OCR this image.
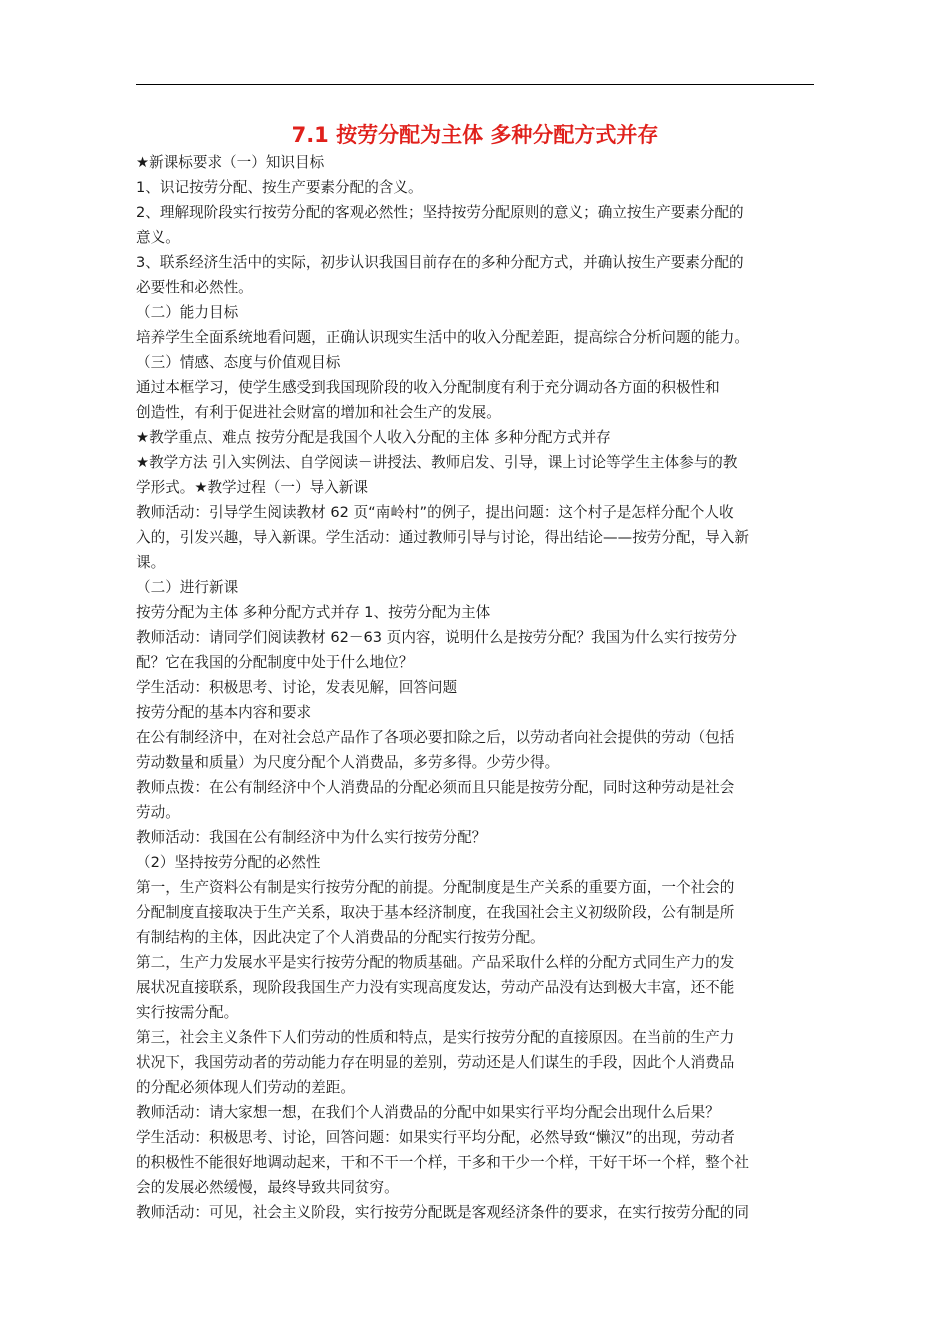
7.1 按劳分配为主体 多种分配方式并存
★新课标要求（一）知识目标
1、识记按劳分配、按生产要素分配的含义。
2、理解现阶段实行按劳分配的客观必然性；坚持按劳分配原则的意义；确立按生产要素分配的
意义。
3、联系经济生活中的实际，初步认识我国目前存在的多种分配方式，并确认按生产要素分配的
必要性和必然性。
（二）能力目标
培养学生全面系统地看问题，正确认识现实生活中的收入分配差距，提高综合分析问题的能力。
（三）情感、态度与价值观目标
通过本框学习，使学生感受到我国现阶段的收入分配制度有利于充分调动各方面的积极性和
创造性，有利于促进社会财富的增加和社会生产的发展。
★教学重点、难点 按劳分配是我国个人收入分配的主体 多种分配方式并存
★教学方法 引入实例法、自学阅读－讲授法、教师启发、引导，课上讨论等学生主体参与的教
学形式。★教学过程（一）导入新课
教师活动：引导学生阅读教材 62 页“南岭村”的例子，提出问题：这个村子是怎样分配个人收
入的，引发兴趣，导入新课。学生活动：通过教师引导与讨论，得出结论——按劳分配，导入新
课。
（二）进行新课
按劳分配为主体 多种分配方式并存 1、按劳分配为主体
教师活动：请同学们阅读教材 62－63 页内容，说明什么是按劳分配？我国为什么实行按劳分
配？它在我国的分配制度中处于什么地位？
学生活动：积极思考、讨论，发表见解，回答问题
按劳分配的基本内容和要求
在公有制经济中，在对社会总产品作了各项必要扣除之后，以劳动者向社会提供的劳动（包括
劳动数量和质量）为尺度分配个人消费品，多劳多得。少劳少得。
教师点拨：在公有制经济中个人消费品的分配必须而且只能是按劳分配，同时这种劳动是社会
劳动。
教师活动：我国在公有制经济中为什么实行按劳分配？
（2）坚持按劳分配的必然性
第一，生产资料公有制是实行按劳分配的前提。分配制度是生产关系的重要方面，一个社会的
分配制度直接取决于生产关系，取决于基本经济制度，在我国社会主义初级阶段，公有制是所
有制结构的主体，因此决定了个人消费品的分配实行按劳分配。
第二，生产力发展水平是实行按劳分配的物质基础。产品采取什么样的分配方式同生产力的发
展状况直接联系，现阶段我国生产力没有实现高度发达，劳动产品没有达到极大丰富，还不能
实行按需分配。
第三，社会主义条件下人们劳动的性质和特点，是实行按劳分配的直接原因。在当前的生产力
状况下，我国劳动者的劳动能力存在明显的差别，劳动还是人们谋生的手段，因此个人消费品
的分配必须体现人们劳动的差距。
教师活动：请大家想一想，在我们个人消费品的分配中如果实行平均分配会出现什么后果？
学生活动：积极思考、讨论，回答问题：如果实行平均分配，必然导致“懒汉”的出现，劳动者
的积极性不能很好地调动起来，干和不干一个样，干多和干少一个样，干好干坏一个样，整个社
会的发展必然缓慢，最终导致共同贫穷。
教师活动：可见，社会主义阶段，实行按劳分配既是客观经济条件的要求，在实行按劳分配的同
